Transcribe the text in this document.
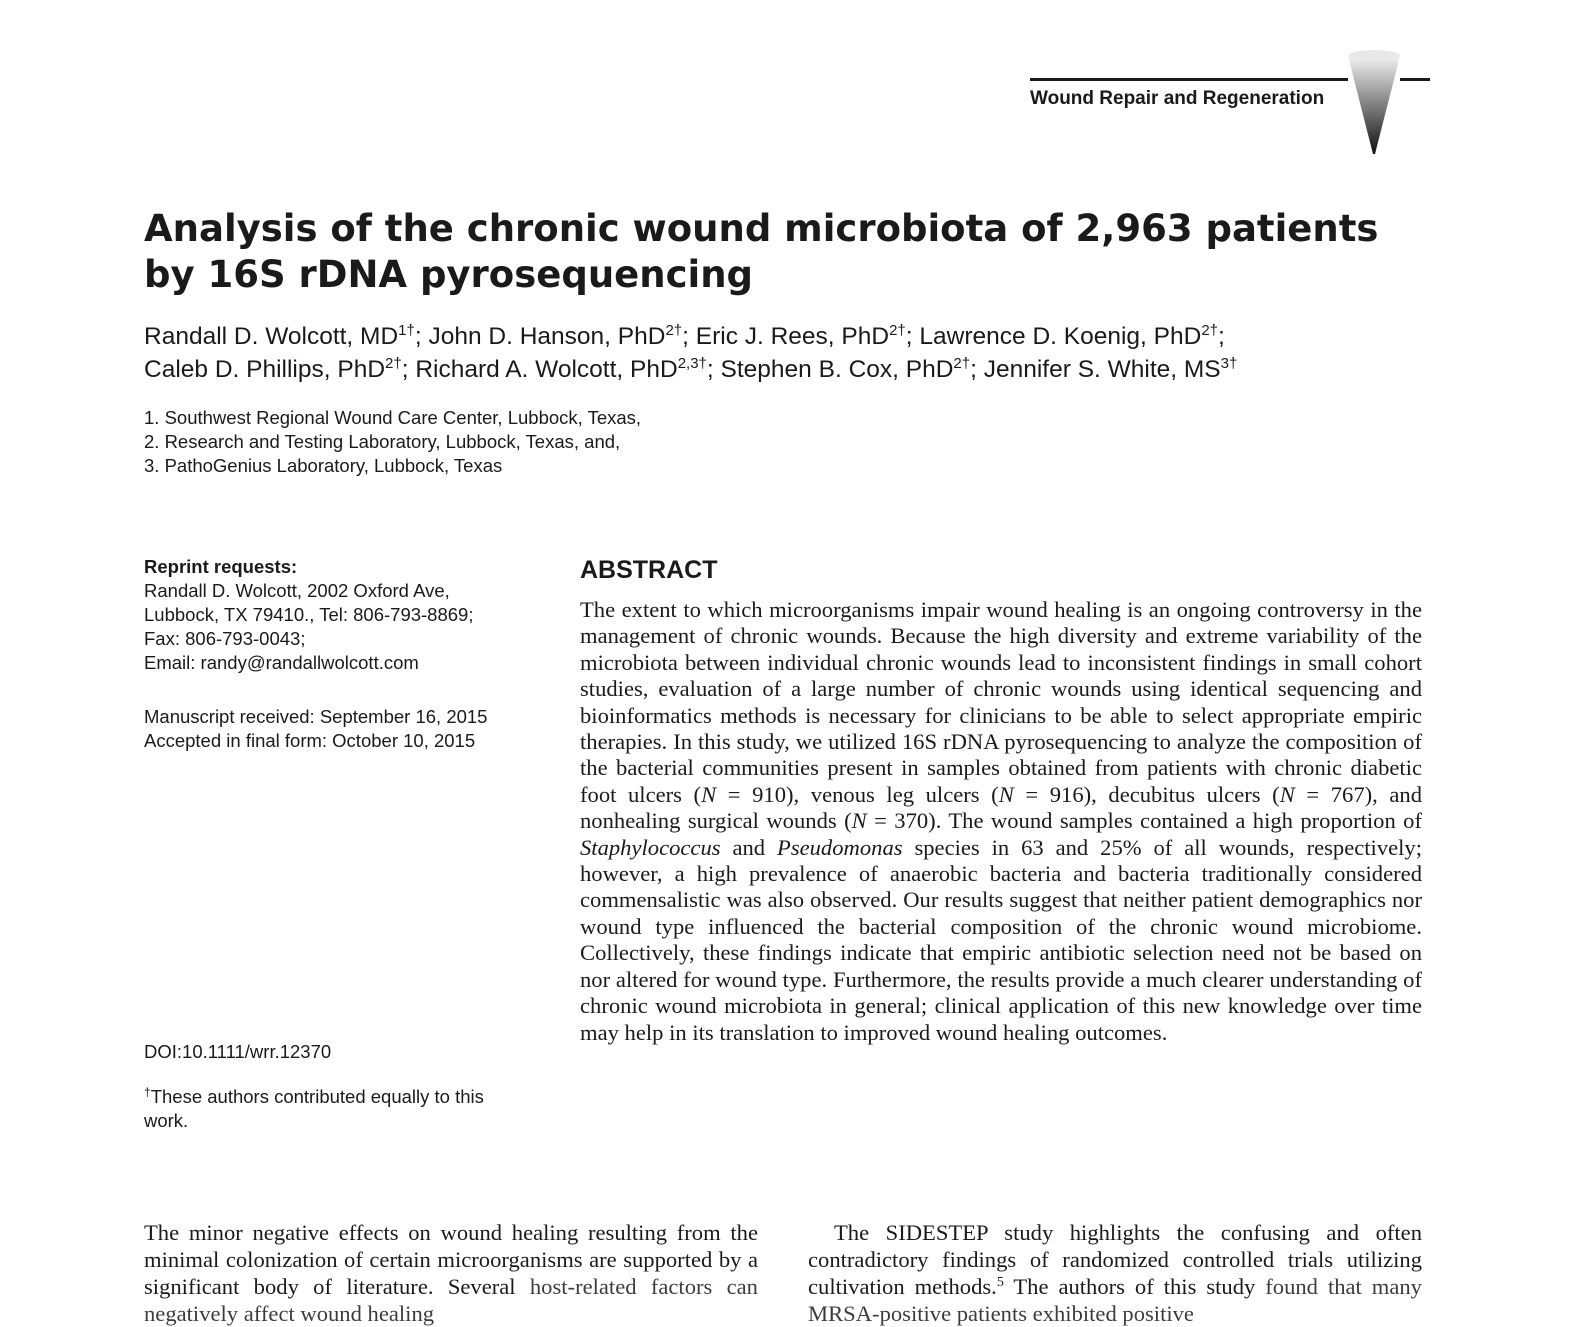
Wound Repair and Regeneration
Analysis of the chronic wound microbiota of 2,963 patients
by 16S rDNA pyrosequencing
Randall D. Wolcott, $MD^{1\dagger}$; John D. Hanson, PhD$^{2\dagger}$; Eric J. Rees, PhD$^{2\dagger}$; Lawrence D. Koenig, PhD$^{2\dagger}$;
Caleb D. Phillips, PhD$^{2\dagger}$; Richard A. Wolcott, PhD$^{2,3\dagger}$; Stephen B. Cox, PhD$^{2\dagger}$; Jennifer S. White, $MS^{3\dagger}$
1. Southwest Regional Wound Care Center, Lubbock, Texas,
2. Research and Testing Laboratory, Lubbock, Texas, and,
3. PathoGenius Laboratory, Lubbock, Texas
Reprint requests:
Randall D. Wolcott, 2002 Oxford Ave,
Lubbock, TX 79410., Tel: 806-793-8869;
Fax: 806-793-0043;
Email: randy@randallwolcott.com
Manuscript received: September 16, 2015
Accepted in final form: October 10, 2015
DOI:10.1111/wrr.12370
†These authors contributed equally to this work.
ABSTRACT
The extent to which microorganisms impair wound healing is an ongoing controversy in the management of chronic wounds. Because the high diversity and extreme variability of the microbiota between individual chronic wounds lead to inconsistent findings in small cohort studies, evaluation of a large number of chronic wounds using identical sequencing and bioinformatics methods is necessary for clinicians to be able to select appropriate empiric therapies. In this study, we utilized 16S rDNA pyrosequencing to analyze the composition of the bacterial communities present in samples obtained from patients with chronic diabetic foot ulcers (N = 910), venous leg ulcers (N = 916), decubitus ulcers (N = 767), and nonhealing surgical wounds (N = 370). The wound samples contained a high proportion of Staphylococcus and Pseudomonas species in 63 and 25% of all wounds, respectively; however, a high prevalence of anaerobic bacteria and bacteria traditionally considered commensalistic was also observed. Our results suggest that neither patient demographics nor wound type influenced the bacterial composition of the chronic wound microbiome. Collectively, these findings indicate that empiric antibiotic selection need not be based on nor altered for wound type. Furthermore, the results provide a much clearer understanding of chronic wound microbiota in general; clinical application of this new knowledge over time may help in its translation to improved wound healing outcomes.
The minor negative effects on wound healing resulting from the minimal colonization of certain microorganisms are supported by a significant body of literature. Several host-related factors can negatively affect wound healing
The SIDESTEP study highlights the confusing and often contradictory findings of randomized controlled trials utilizing cultivation methods.$^5$ The authors of this study found that many MRSA-positive patients exhibited positive
